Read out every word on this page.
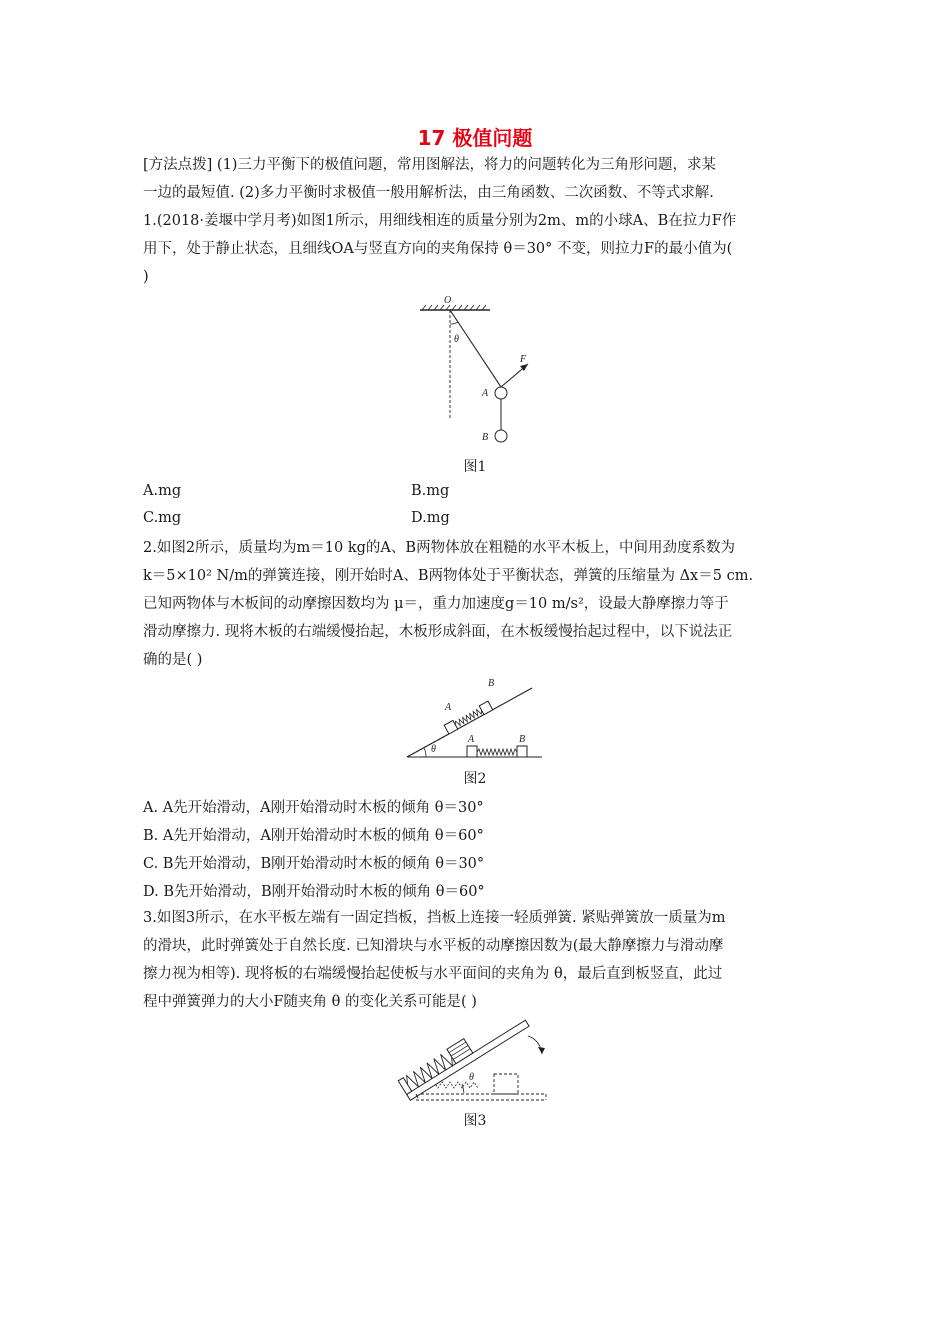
17 极值问题
[方法点拨] (1)三力平衡下的极值问题，常用图解法，将力的问题转化为三角形问题，求某
一边的最短值. (2)多力平衡时求极值一般用解析法，由三角函数、二次函数、不等式求解.
1.(2018·姜堰中学月考)如图1所示，用细线相连的质量分别为2m、m的小球A、B在拉力F作
用下，处于静止状态，且细线OA与竖直方向的夹角保持 θ＝30° 不变，则拉力F的最小值为(
)
O
θ
F
A
B
图1
A.mg	B.mg
C.mg	D.mg
2.如图2所示，质量均为m＝10 kg的A、B两物体放在粗糙的水平木板上，中间用劲度系数为
k＝5×10² N/m的弹簧连接，刚开始时A、B两物体处于平衡状态，弹簧的压缩量为 Δx＝5 cm.
已知两物体与木板间的动摩擦因数均为 μ＝，重力加速度g＝10 m/s²，设最大静摩擦力等于
滑动摩擦力. 现将木板的右端缓慢抬起，木板形成斜面，在木板缓慢抬起过程中，以下说法正
确的是( )
A
B
A	B
θ
图2
A. A先开始滑动，A刚开始滑动时木板的倾角 θ＝30°
B. A先开始滑动，A刚开始滑动时木板的倾角 θ＝60°
C. B先开始滑动，B刚开始滑动时木板的倾角 θ＝30°
D. B先开始滑动，B刚开始滑动时木板的倾角 θ＝60°
3.如图3所示，在水平板左端有一固定挡板，挡板上连接一轻质弹簧. 紧贴弹簧放一质量为m
的滑块，此时弹簧处于自然长度. 已知滑块与水平板的动摩擦因数为(最大静摩擦力与滑动摩
擦力视为相等). 现将板的右端缓慢抬起使板与水平面间的夹角为 θ，最后直到板竖直，此过
程中弹簧弹力的大小F随夹角 θ 的变化关系可能是( )
θ
图3
